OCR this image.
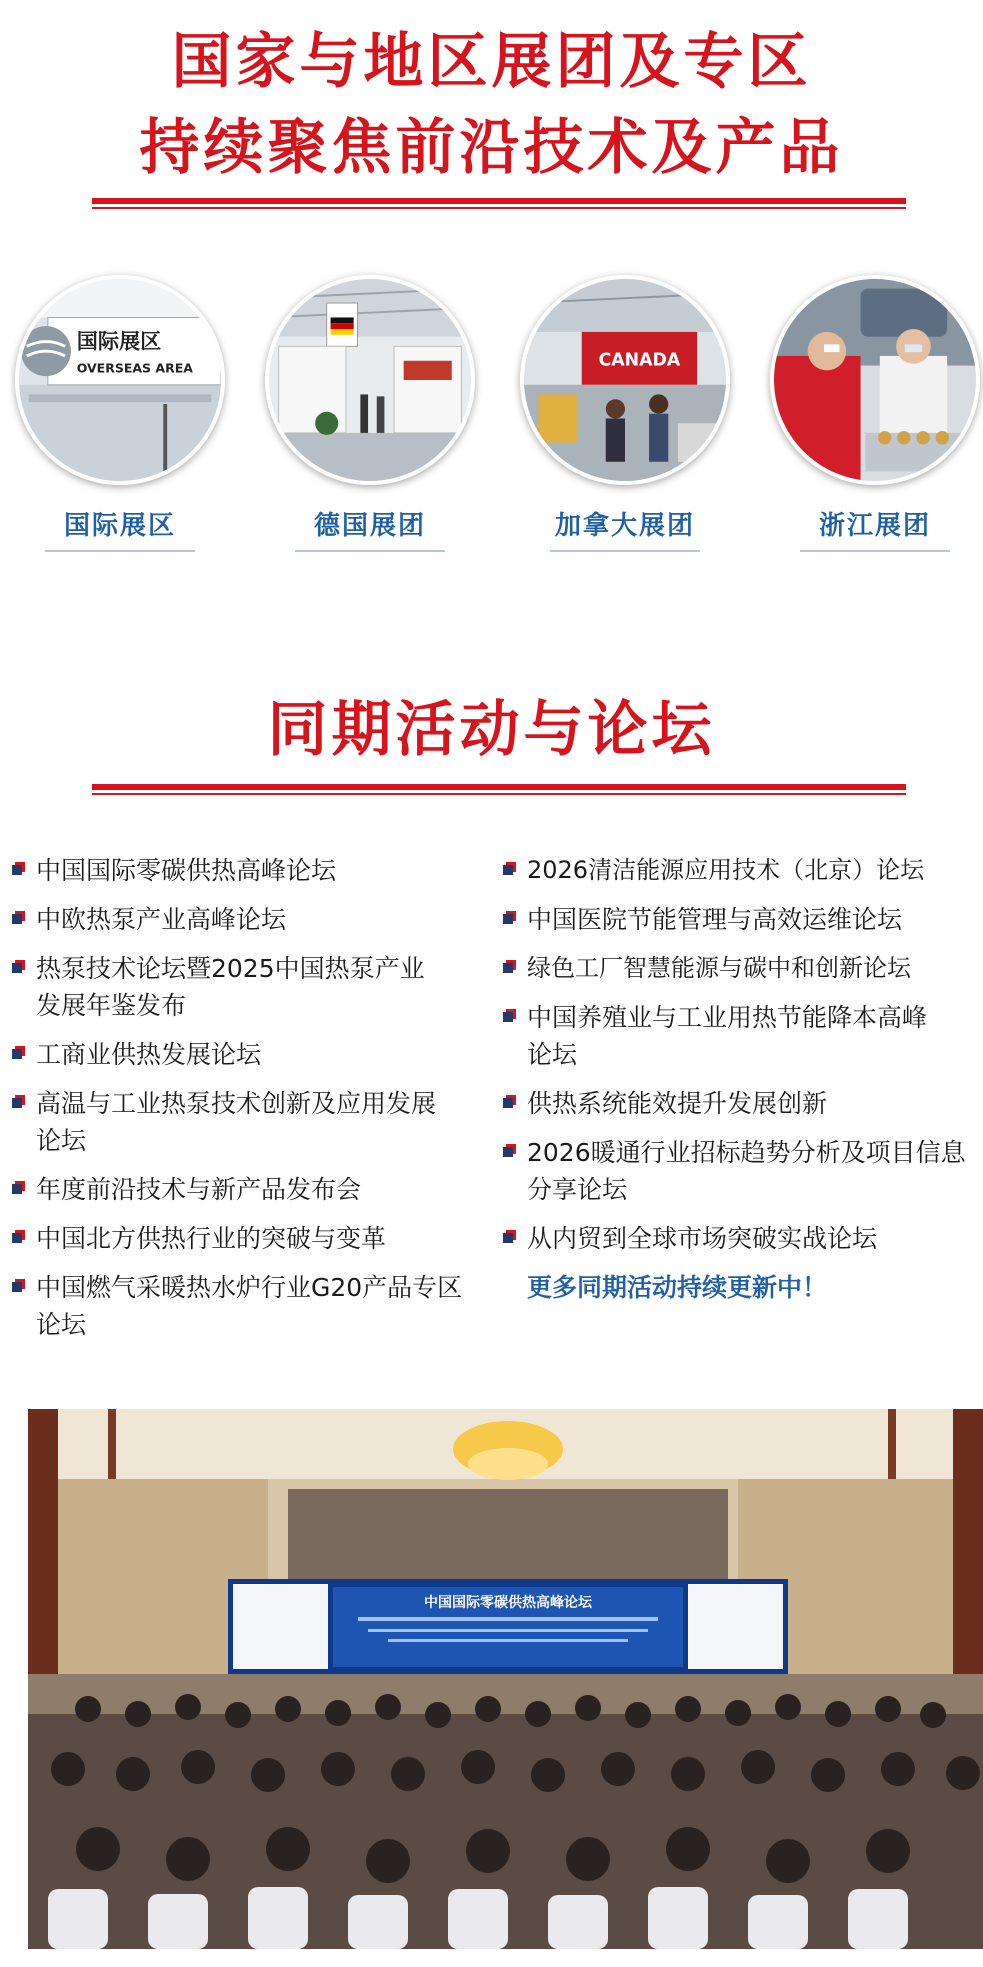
国家与地区展团及专区
持续聚焦前沿技术及产品
国际展区
OVERSEAS AREA
国际展区	德国展团
CANADA
加拿大展团	浙江展团
同期活动与论坛
中国国际零碳供热高峰论坛
中欧热泵产业高峰论坛
热泵技术论坛暨2025中国热泵产业发展年鉴发布
工商业供热发展论坛
高温与工业热泵技术创新及应用发展论坛
年度前沿技术与新产品发布会
中国北方供热行业的突破与变革
中国燃气采暖热水炉行业G20产品专区论坛
2026清洁能源应用技术（北京）论坛
中国医院节能管理与高效运维论坛
绿色工厂智慧能源与碳中和创新论坛
中国养殖业与工业用热节能降本高峰论坛
供热系统能效提升发展创新
2026暖通行业招标趋势分析及项目信息分享论坛
从内贸到全球市场突破实战论坛
更多同期活动持续更新中！
中国国际零碳供热高峰论坛
